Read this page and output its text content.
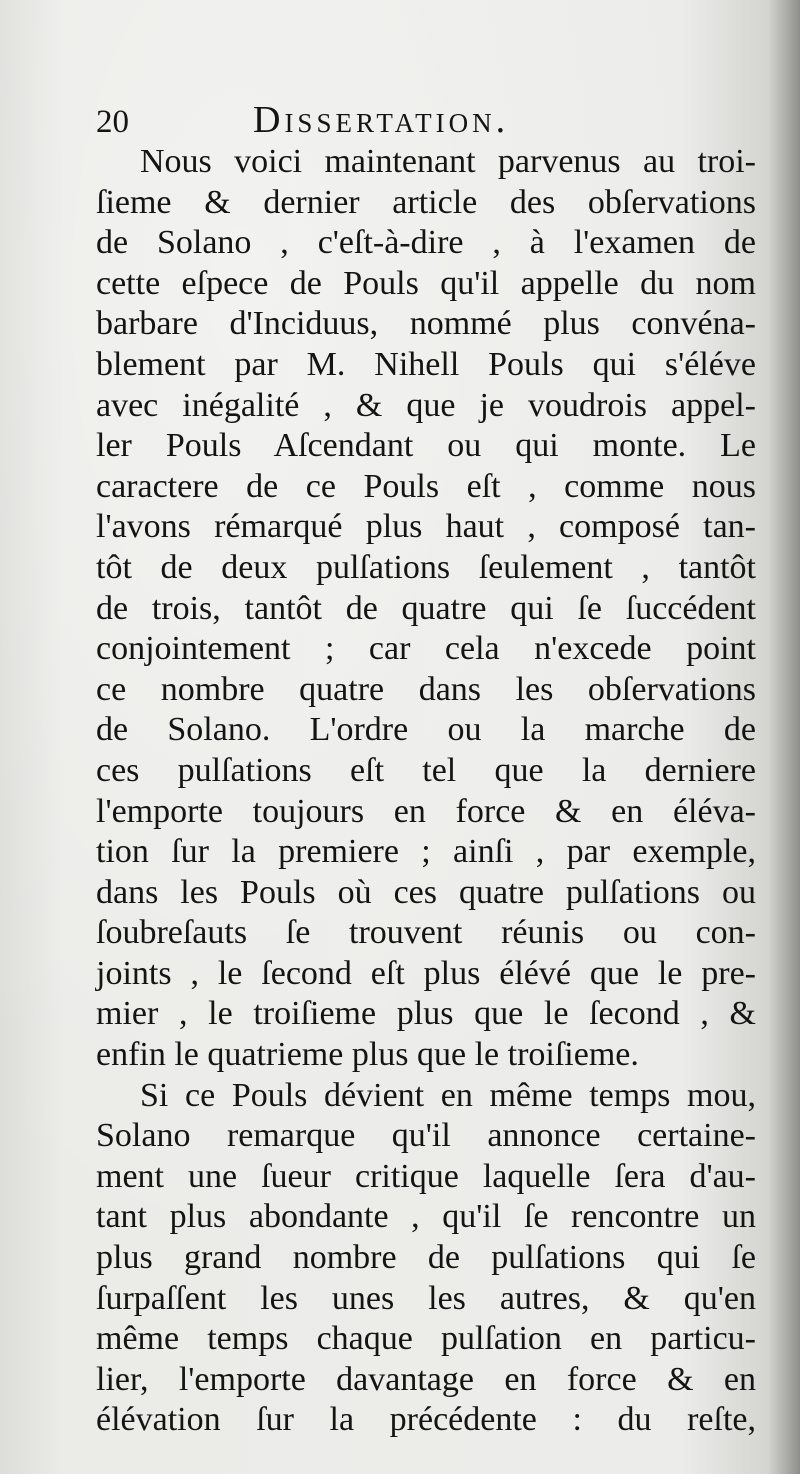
20	Dissertation.
Nous voici maintenant parvenus au troi-
ſieme & dernier article des obſervations
de Solano , c'eſt-à-dire , à l'examen de
cette eſpece de Pouls qu'il appelle du nom
barbare d'Inciduus, nommé plus convéna-
blement par M. Nihell Pouls qui s'éléve
avec inégalité , & que je voudrois appel-
ler Pouls Aſcendant ou qui monte. Le
caractere de ce Pouls eſt , comme nous
l'avons rémarqué plus haut , composé tan-
tôt de deux pulſations ſeulement , tantôt
de trois, tantôt de quatre qui ſe ſuccédent
conjointement ; car cela n'excede point
ce nombre quatre dans les obſervations
de Solano. L'ordre ou la marche de
ces pulſations eſt tel que la derniere
l'emporte toujours en force & en éléva-
tion ſur la premiere ; ainſi , par exemple,
dans les Pouls où ces quatre pulſations ou
ſoubreſauts ſe trouvent réunis ou con-
joints , le ſecond eſt plus élévé que le pre-
mier , le troiſieme plus que le ſecond , &
enfin le quatrieme plus que le troiſieme.
Si ce Pouls dévient en même temps mou,
Solano remarque qu'il annonce certaine-
ment une ſueur critique laquelle ſera d'au-
tant plus abondante , qu'il ſe rencontre un
plus grand nombre de pulſations qui ſe
ſurpaſſent les unes les autres, & qu'en
même temps chaque pulſation en particu-
lier, l'emporte davantage en force & en
élévation ſur la précédente : du reſte,
